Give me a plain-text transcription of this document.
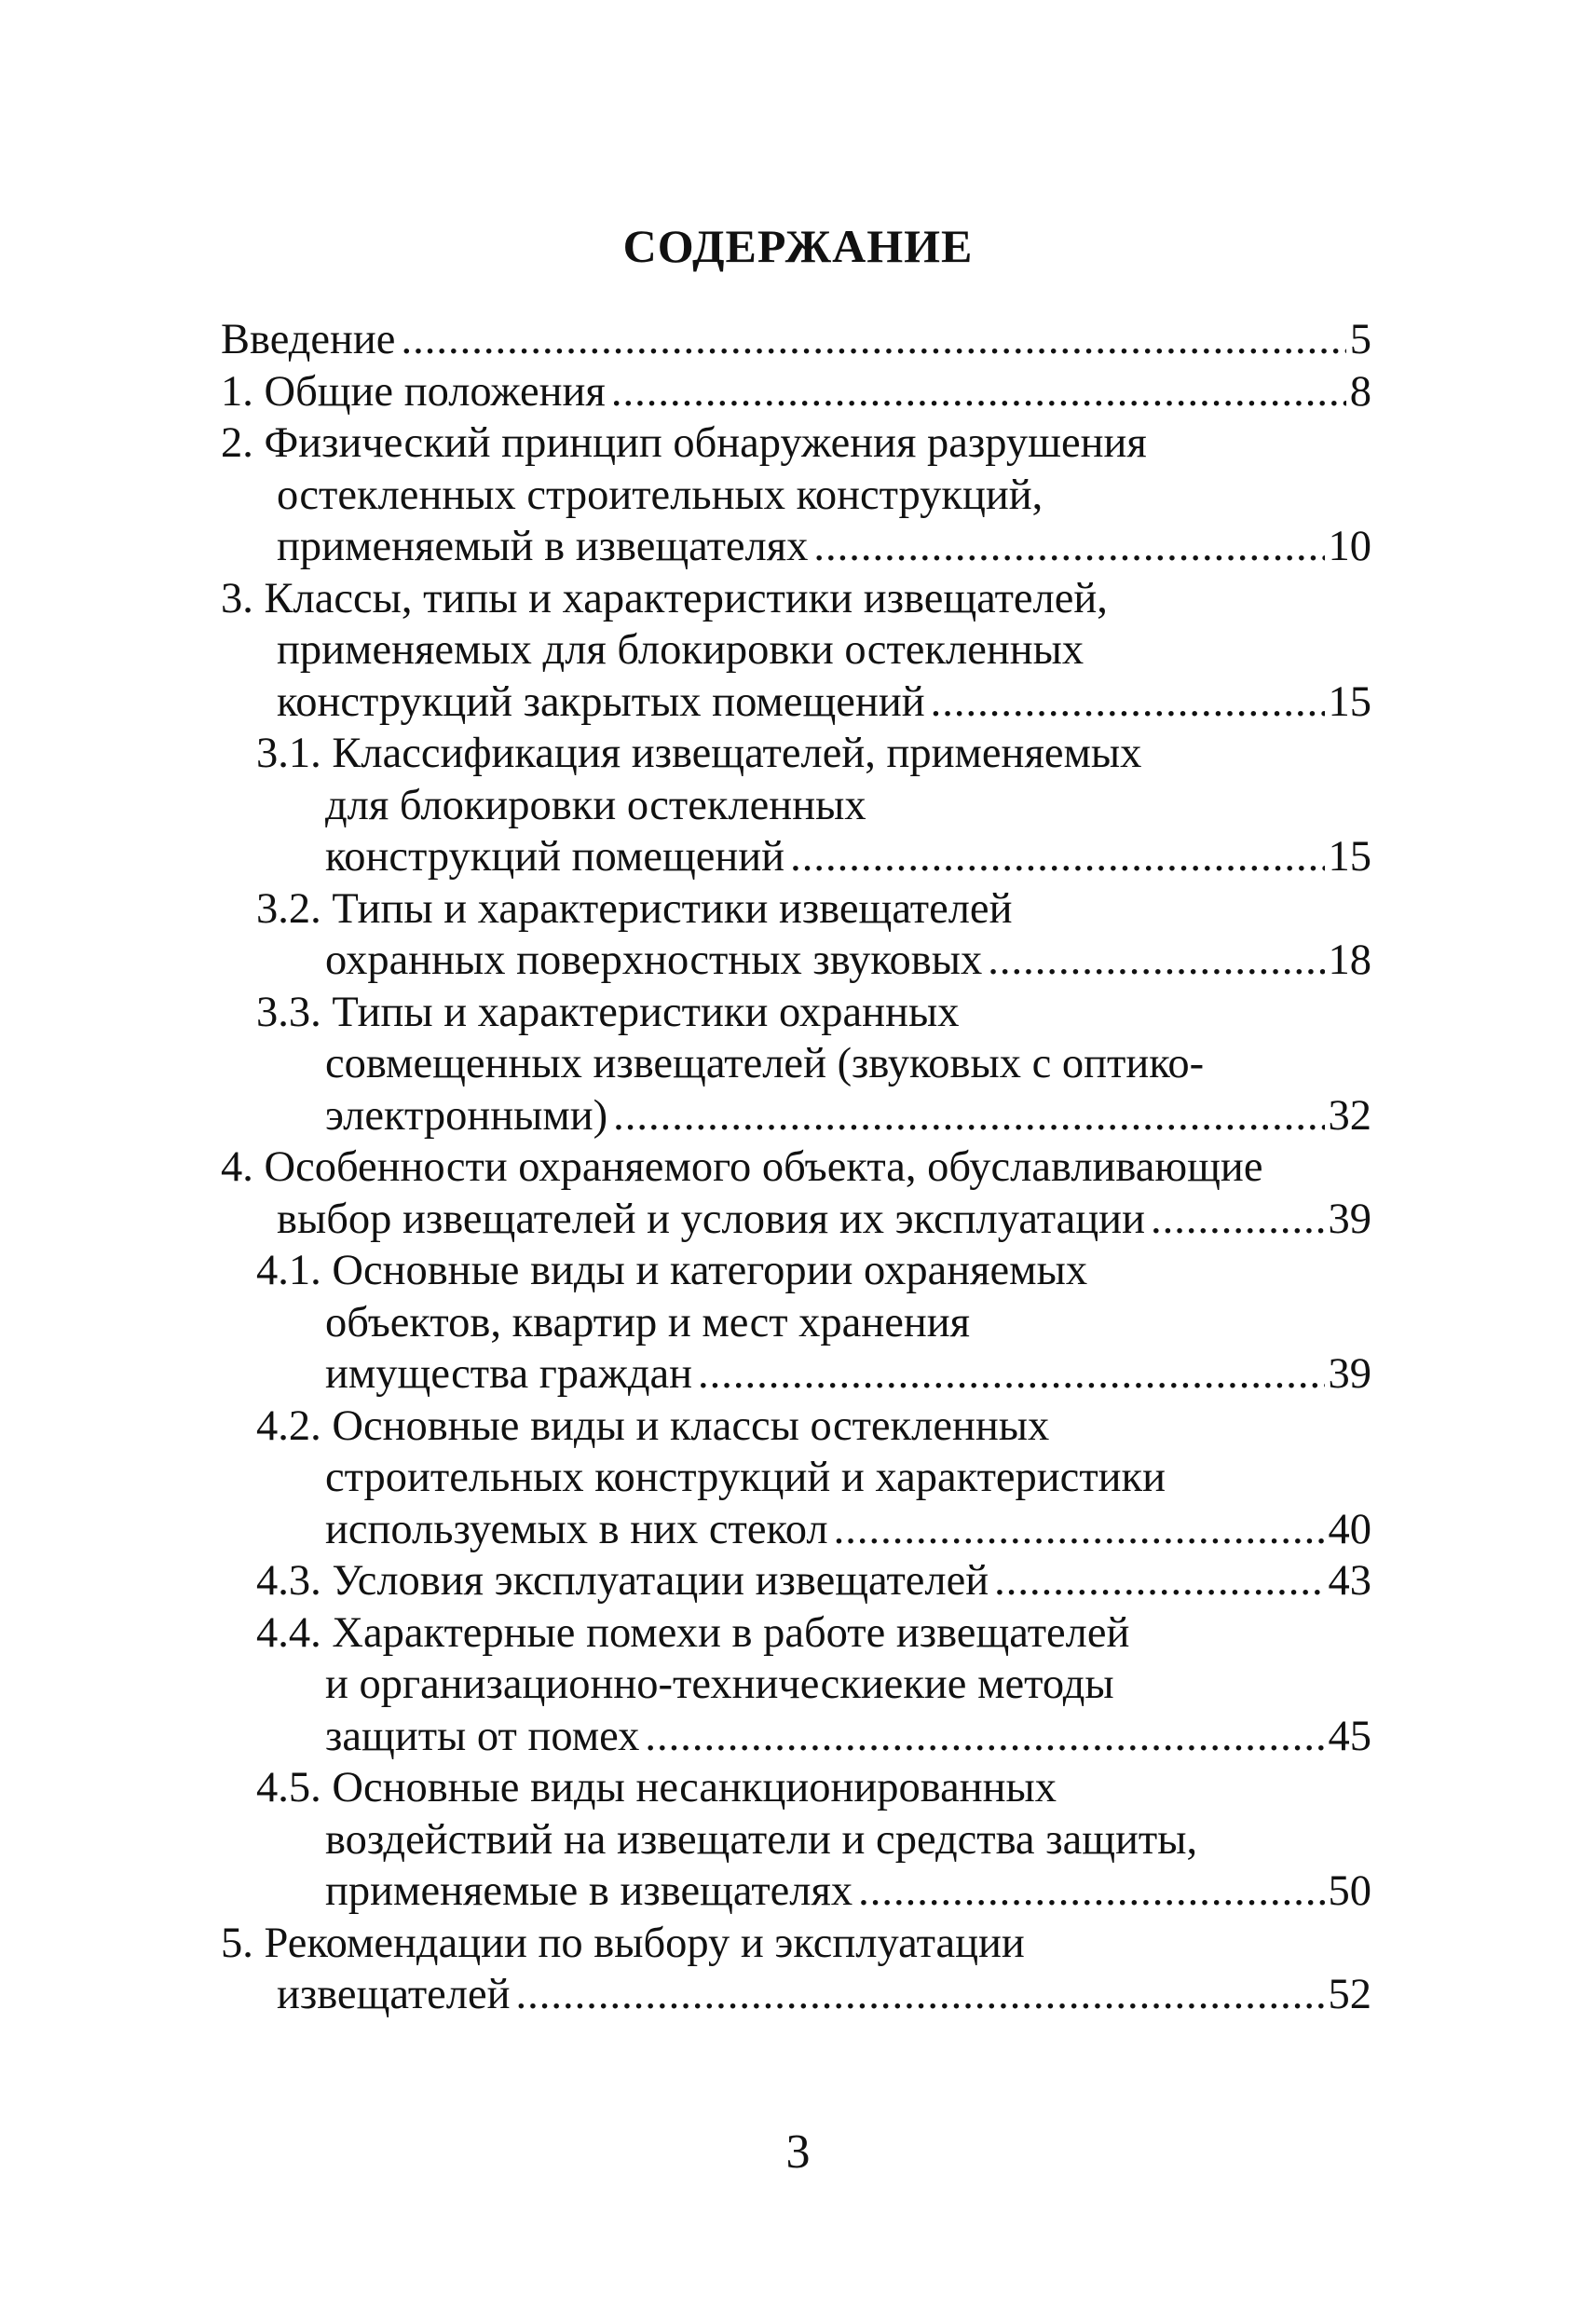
СОДЕРЖАНИЕ
Введение .....	5
1. Общие положения .....	8
2. Физический принцип обнаружения разрушения
остекленных строительных конструкций,
применяемый в извещателях .....	10
3. Классы, типы и характеристики извещателей,
применяемых для блокировки остекленных
конструкций закрытых помещений .....	15
3.1. Классификация извещателей, применяемых
для блокировки остекленных
конструкций помещений .....	15
3.2. Типы и характеристики извещателей
охранных поверхностных звуковых .....	18
3.3. Типы и характеристики охранных
совмещенных извещателей (звуковых с оптико-
электронными) .....	32
4. Особенности охраняемого объекта, обуславливающие
выбор извещателей и условия их эксплуатации .....	39
4.1. Основные виды и категории охраняемых
объектов, квартир и мест хранения
имущества граждан .....	39
4.2. Основные виды и классы остекленных
строительных конструкций и характеристики
используемых в них стекол .....	40
4.3. Условия эксплуатации извещателей .....	43
4.4. Характерные помехи в работе извещателей
и организационно-техническиекие методы
защиты от помех .....	45
4.5. Основные виды несанкционированных
воздействий на извещатели и средства защиты,
применяемые в извещателях .....	50
5. Рекомендации по выбору и эксплуатации
извещателей .....	52
3
